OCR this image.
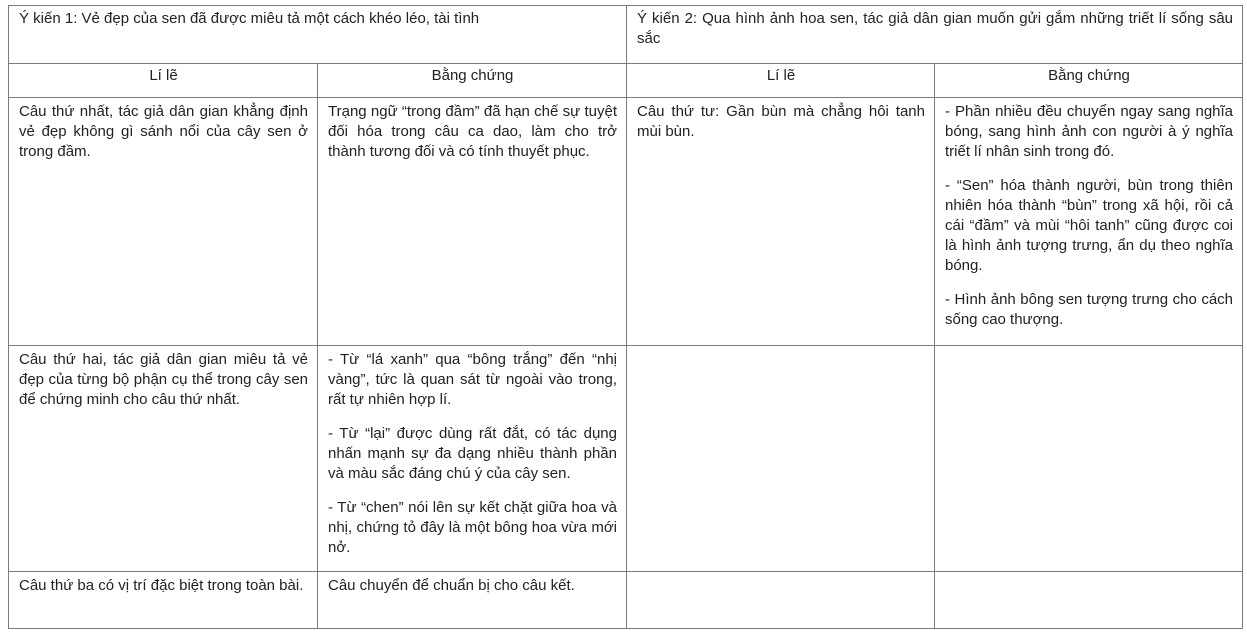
Ý kiến 1: Vẻ đẹp của sen đã được miêu tả một cách khéo léo, tài tình		Ý kiến 2: Qua hình ảnh hoa sen, tác giả dân gian muốn gửi gắm những triết lí sống sâu sắc	

Lí lẽ	Bằng chứng	Lí lẽ	Bằng chứng

Câu thứ nhất, tác giả dân gian khẳng định vẻ đẹp không gì sánh nổi của cây sen ở trong đầm.	Trạng ngữ “trong đầm” đã hạn chế sự tuyệt đối hóa trong câu ca dao, làm cho trở thành tương đối và có tính thuyết phục.	Câu thứ tư: Gần bùn mà chẳng hôi tanh mùi bùn.	- Phần nhiều đều chuyển ngay sang nghĩa bóng, sang hình ảnh con người à ý nghĩa triết lí nhân sinh trong đó.

- “Sen” hóa thành người, bùn trong thiên nhiên hóa thành “bùn” trong xã hội, rồi cả cái “đầm” và mùi “hôi tanh” cũng được coi là hình ảnh tượng trưng, ẩn dụ theo nghĩa bóng.

- Hình ảnh bông sen tượng trưng cho cách sống cao thượng.

Câu thứ hai, tác giả dân gian miêu tả vẻ đẹp của từng bộ phận cụ thể trong cây sen để chứng minh cho câu thứ nhất.	- Từ “lá xanh” qua “bông trắng” đến “nhị vàng”, tức là quan sát từ ngoài vào trong, rất tự nhiên hợp lí.

- Từ “lại” được dùng rất đắt, có tác dụng nhấn mạnh sự đa dạng nhiều thành phần và màu sắc đáng chú ý của cây sen.

- Từ “chen” nói lên sự kết chặt giữa hoa và nhị, chứng tỏ đây là một bông hoa vừa mới nở.		

Câu thứ ba có vị trí đặc biệt trong toàn bài.	Câu chuyển để chuẩn bị cho câu kết.		
